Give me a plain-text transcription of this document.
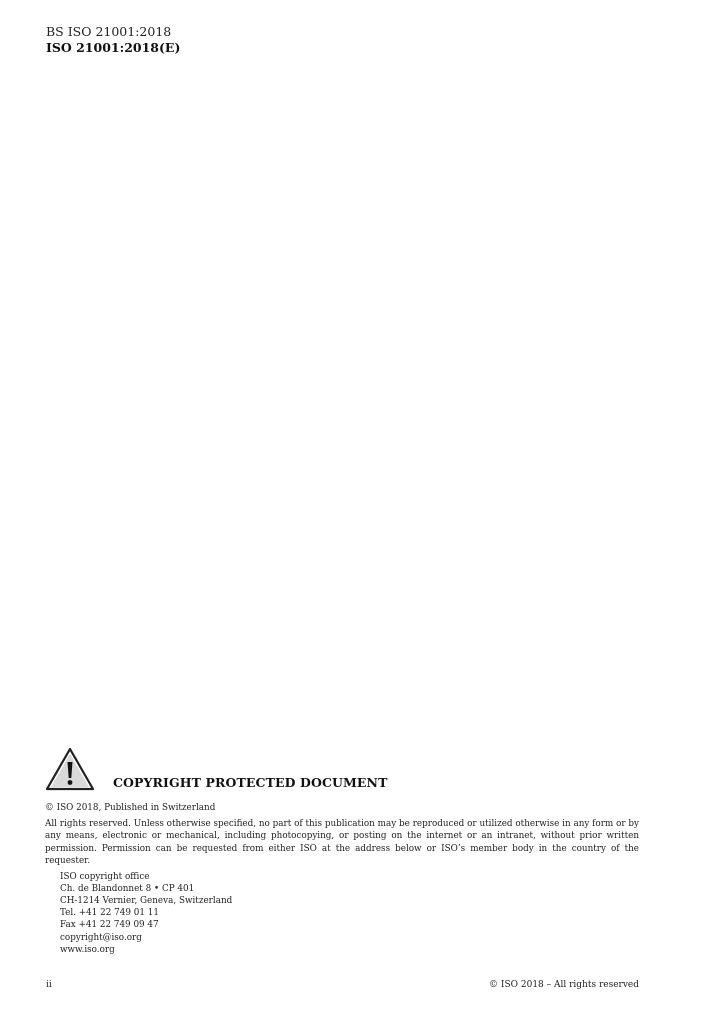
BS ISO 21001:2018
ISO 21001:2018(E)
COPYRIGHT PROTECTED DOCUMENT
© ISO 2018, Published in Switzerland
All rights reserved. Unless otherwise specified, no part of this publication may be reproduced or utilized otherwise in any form or by any means, electronic or mechanical, including photocopying, or posting on the internet or an intranet, without prior written permission. Permission can be requested from either ISO at the address below or ISO’s member body in the country of the requester.
ISO copyright office
Ch. de Blandonnet 8 • CP 401
CH-1214 Vernier, Geneva, Switzerland
Tel. +41 22 749 01 11
Fax +41 22 749 09 47
copyright@iso.org
www.iso.org
ii	© ISO 2018 – All rights reserved
